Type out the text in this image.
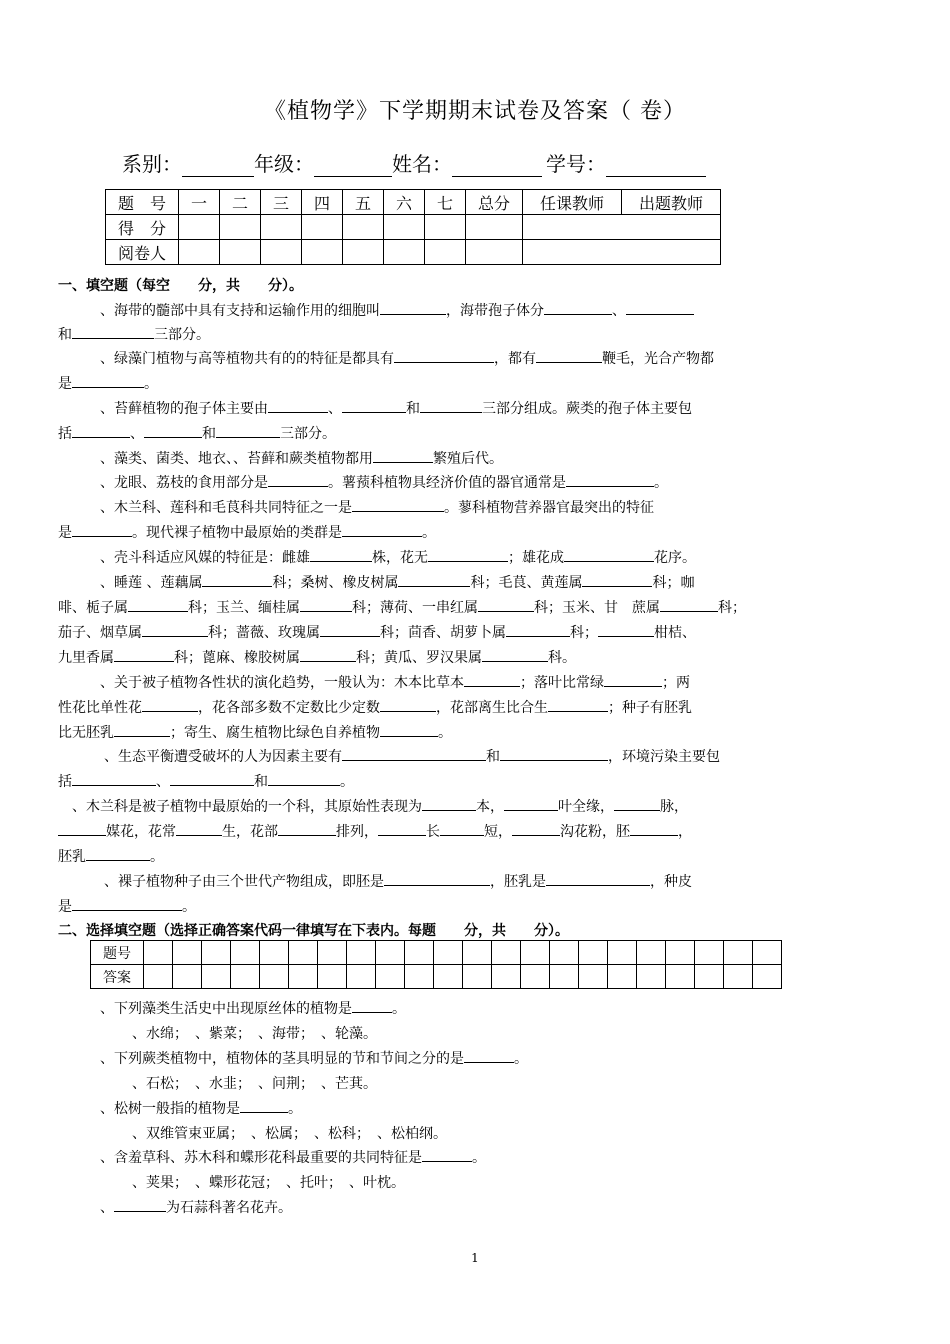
《植物学》下学期期末试卷及答案（ 卷）
系别：	年级：	姓名：	学号：
题　号	一	二	三	四	五	六	七	总分	任课教师	出题教师
得　分										
阅卷人										
一、填空题（每空　　分，共　　分）。
、海带的髓部中具有支持和运输作用的细胞叫	，海带孢子体分	、
和	三部分。
、绿藻门植物与高等植物共有的的特征是都具有	，都有	鞭毛，光合产物都
是	。
、苔藓植物的孢子体主要由	、	和	三部分组成。蕨类的孢子体主要包
括	、	和	三部分。
、藻类、菌类、地衣、、苔藓和蕨类植物都用	繁殖后代。
、龙眼、荔枝的食用部分是	。薯蓣科植物具经济价值的器官通常是	。
、木兰科、莲科和毛茛科共同特征之一是	。蓼科植物营养器官最突出的特征
是	。现代裸子植物中最原始的类群是	。
、壳斗科适应风媒的特征是：雌雄	株，花无	；雄花成	花序。
、睡莲 、莲藕属	科；桑树、橡皮树属	科；毛茛、黄莲属	科；咖
啡、栀子属	科；玉兰、缅桂属	科；薄荷、一串红属	科；玉米、甘　蔗属	科；
茄子、烟草属	科；蔷薇、玫瑰属	科；茴香、胡萝卜属	科；	柑桔、
九里香属	科；蓖麻、橡胶树属	科；黄瓜、罗汉果属	科。
、关于被子植物各性状的演化趋势，一般认为：木本比草本	；落叶比常绿	；两
性花比单性花	，花各部多数不定数比少定数	，花部离生比合生	；种子有胚乳
比无胚乳	；寄生、腐生植物比绿色自养植物	。
、生态平衡遭受破坏的人为因素主要有	和	，环境污染主要包
括	、	和	。
、木兰科是被子植物中最原始的一个科，其原始性表现为	本，	叶全缘，	脉，
媒花，花常	生，花部	排列，	长	短，	沟花粉，胚	，
胚乳	。
、裸子植物种子由三个世代产物组成，即胚是	，胚乳是	，种皮
是	。
二、选择填空题（选择正确答案代码一律填写在下表内。每题　　分，共　　分）。
题号																						
答案																						
、下列藻类生活史中出现原丝体的植物是	。
、水绵；　、紫菜；　、海带；　、轮藻。
、下列蕨类植物中，植物体的茎具明显的节和节间之分的是	。
、石松；　、水韭；　、问荆；　、芒萁。
、松树一般指的植物是	。
、双维管束亚属；　、松属；　、松科；　、松柏纲。
、含羞草科、苏木科和蝶形花科最重要的共同特征是	。
、荚果；　、蝶形花冠；　、托叶；　、叶枕。
、	为石蒜科著名花卉。
1
